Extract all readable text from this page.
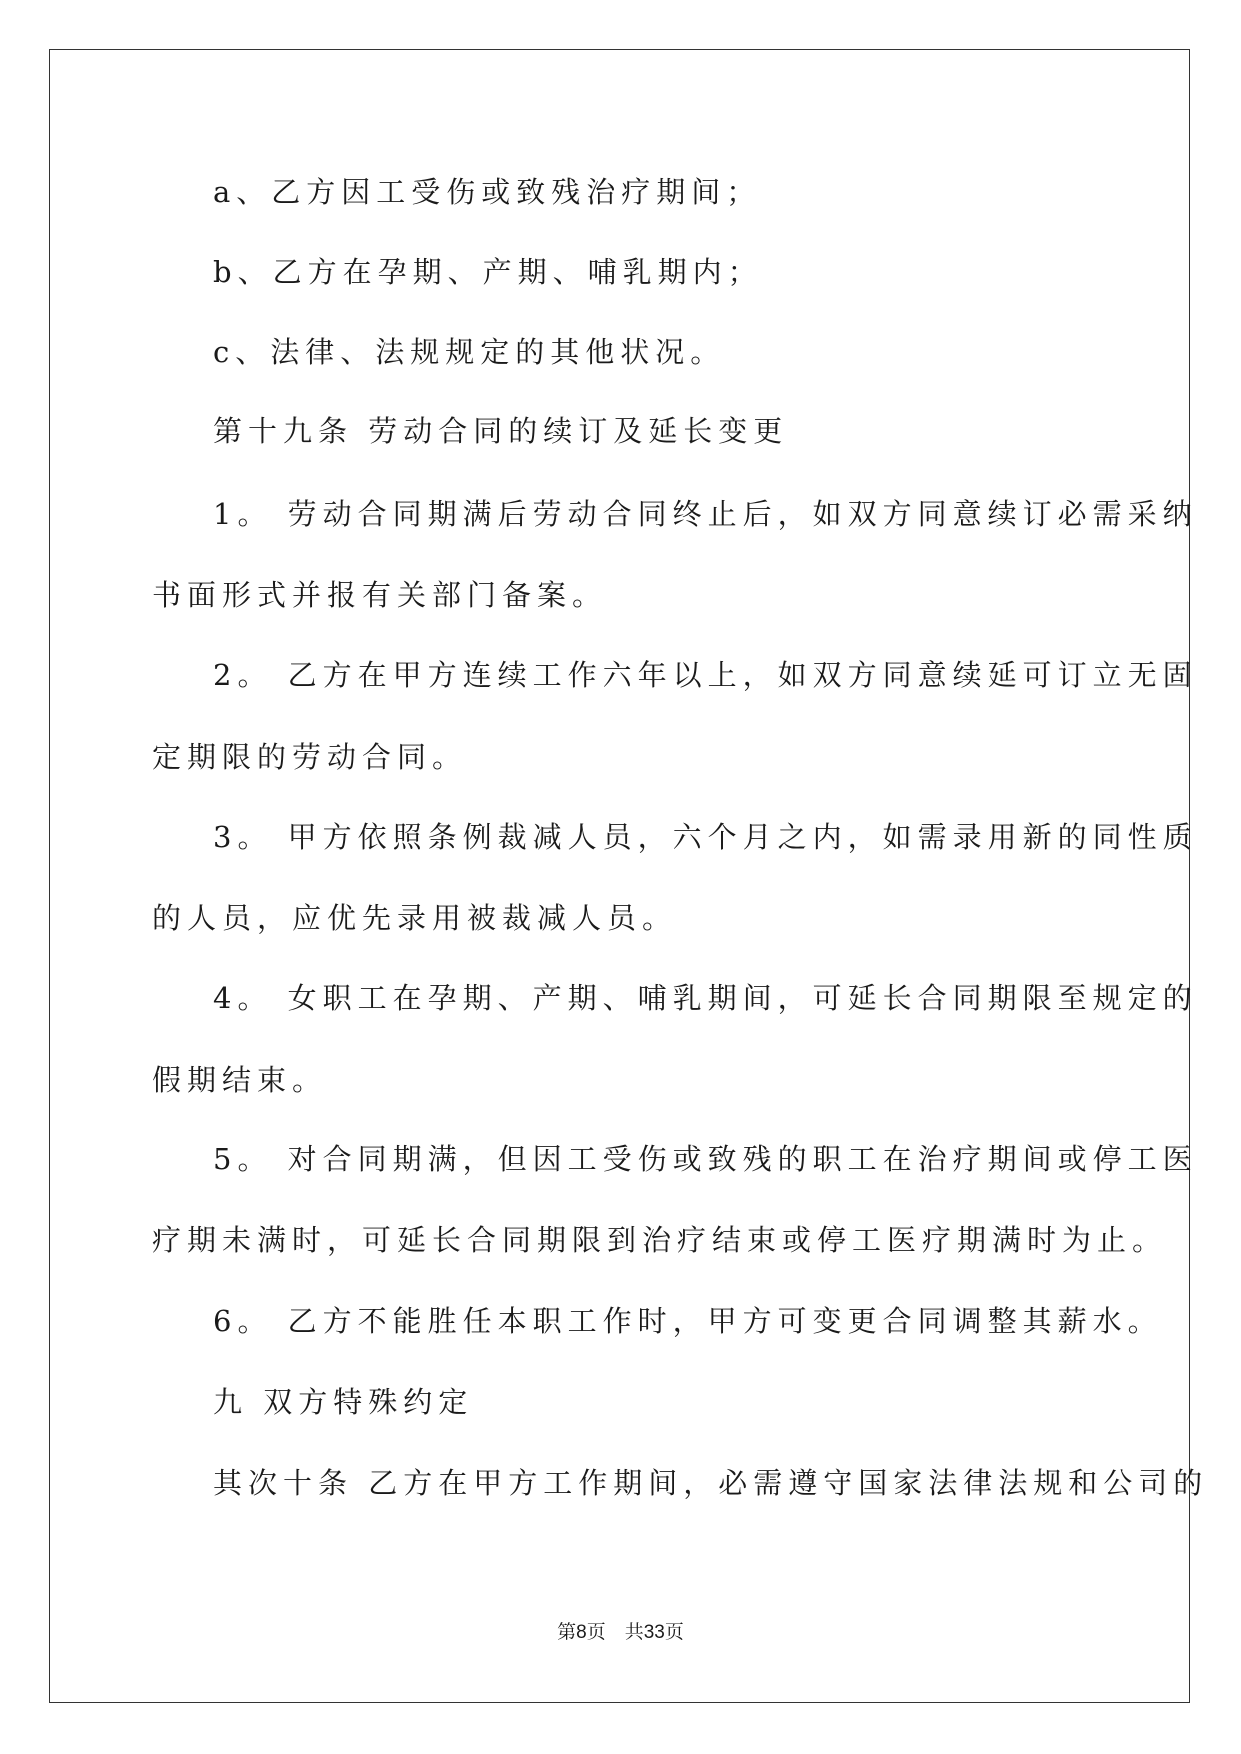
a、乙方因工受伤或致残治疗期间；
b、乙方在孕期、产期、哺乳期内；
c、法律、法规规定的其他状况。
第十九条 劳动合同的续订及延长变更
1。 劳动合同期满后劳动合同终止后，如双方同意续订必需采纳
书面形式并报有关部门备案。
2。 乙方在甲方连续工作六年以上，如双方同意续延可订立无固
定期限的劳动合同。
3。 甲方依照条例裁减人员，六个月之内，如需录用新的同性质
的人员，应优先录用被裁减人员。
4。 女职工在孕期、产期、哺乳期间，可延长合同期限至规定的
假期结束。
5。 对合同期满，但因工受伤或致残的职工在治疗期间或停工医
疗期未满时，可延长合同期限到治疗结束或停工医疗期满时为止。
6。 乙方不能胜任本职工作时，甲方可变更合同调整其薪水。
九 双方特殊约定
其次十条 乙方在甲方工作期间，必需遵守国家法律法规和公司的
第8页　共33页
